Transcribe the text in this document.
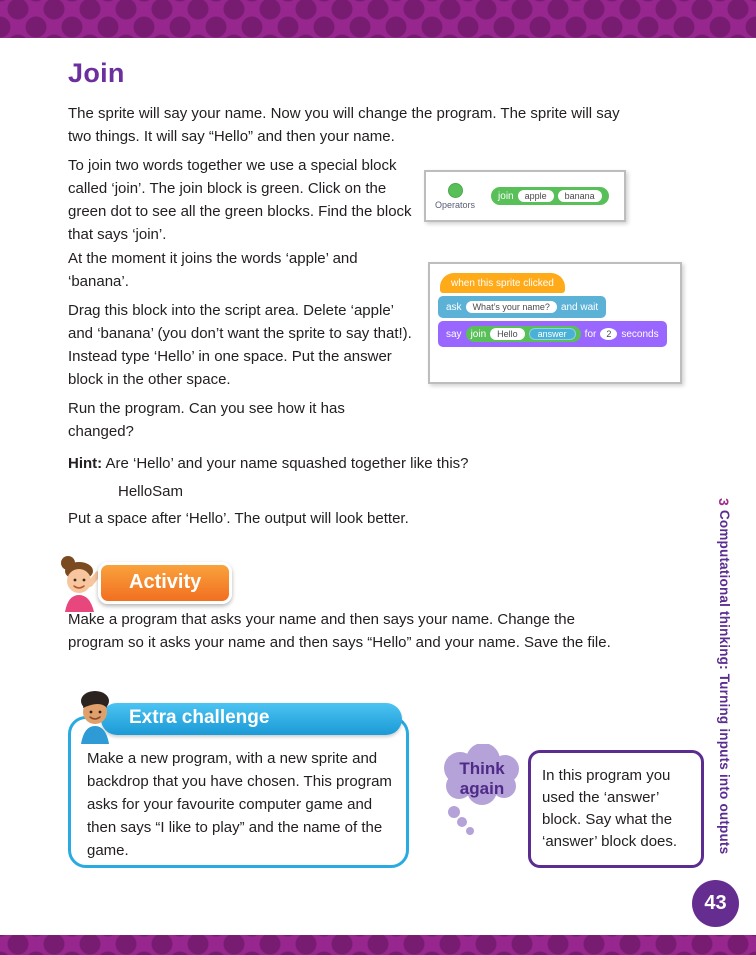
Join

The sprite will say your name. Now you will change the program. The sprite will say two things. It will say “Hello” and then your name.

To join two words together we use a special block called ‘join’. The join block is green. Click on the green dot to see all the green blocks. Find the block that says ‘join’.

At the moment it joins the words ‘apple’ and ‘banana’.

Drag this block into the script area. Delete ‘apple’ and ‘banana’ (you don’t want the sprite to say that!). Instead type ‘Hello’ in one space. Put the answer block in the other space.

Run the program. Can you see how it has changed?

Hint: Are ‘Hello’ and your name squashed together like this?

HelloSam

Put a space after ‘Hello’. The output will look better.

Operators
join	apple	banana
when this sprite clicked
ask	What’s your name?	and wait
say join	Hello	answer	for	2	seconds
Activity

Make a program that asks your name and then says your name. Change the program so it asks your name and then says “Hello” and your name. Save the file.

Extra challenge

Make a new program, with a new sprite and backdrop that you have chosen. This program asks for your favourite computer game and then says “I like to play” and the name of the game.

Think
again
In this program you used the ‘answer’ block. Say what the ‘answer’ block does.
3 Computational thinking: Turning inputs into outputs
43
